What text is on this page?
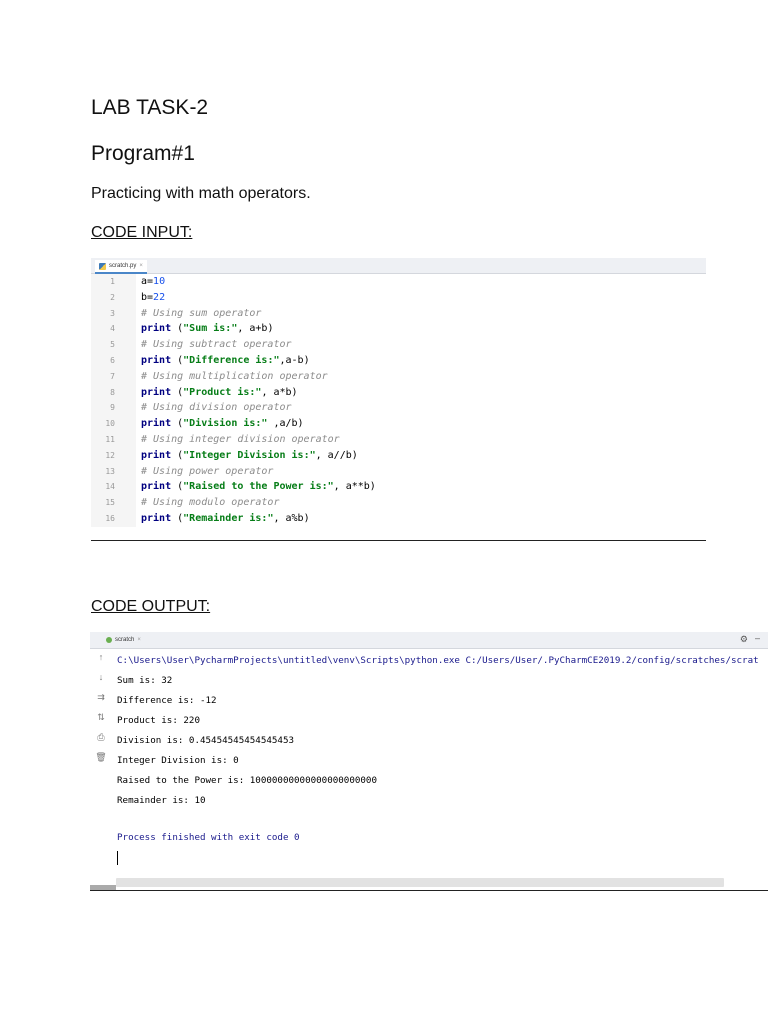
LAB TASK-2
Program#1

Practicing with math operators.

CODE INPUT:

scratch.py ×
1	a=10
2	b=22
3	# Using sum operator
4	print ("Sum is:", a+b)
5	# Using subtract operator
6	print ("Difference is:",a-b)
7	# Using multiplication operator
8	print ("Product is:", a*b)
9	# Using division operator
10	print ("Division is:" ,a/b)
11	# Using integer division operator
12	print ("Integer Division is:", a//b)
13	# Using power operator
14	print ("Raised to the Power is:", a**b)
15	# Using modulo operator
16	print ("Remainder is:", a%b)

CODE OUTPUT:

scratch ×	⚙ –
↑
↓
⇉
⇅
⎙
🗑
C:\Users\User\PycharmProjects\untitled\venv\Scripts\python.exe C:/Users/User/.PyCharmCE2019.2/config/scratches/scrat
Sum is: 32
Difference is: -12
Product is: 220
Division is: 0.45454545454545453
Integer Division is: 0
Raised to the Power is: 10000000000000000000000
Remainder is: 10
Process finished with exit code 0
